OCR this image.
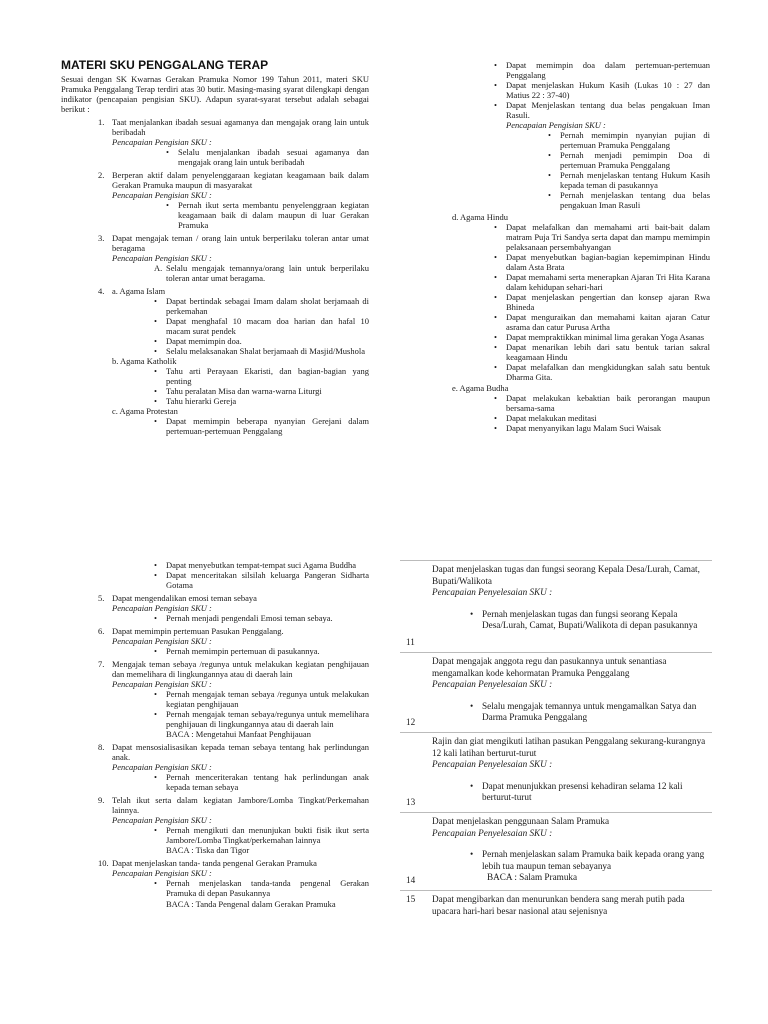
MATERI SKU PENGGALANG TERAP
Sesuai dengan SK Kwarnas Gerakan Pramuka Nomor 199 Tahun 2011, materi SKU Pramuka Penggalang Terap terdiri atas 30 butir. Masing-masing syarat dilengkapi dengan indikator (pencapaian pengisian SKU). Adapun syarat-syarat tersebut adalah sebagai berikut :
1. Taat menjalankan ibadah sesuai agamanya dan mengajak orang lain untuk beribadah
Pencapaian Pengisian SKU :
• Selalu menjalankan ibadah sesuai agamanya dan mengajak orang lain untuk beribadah
2. Berperan aktif dalam penyelenggaraan kegiatan keagamaan baik dalam Gerakan Pramuka maupun di masyarakat
Pencapaian Pengisian SKU :
• Pernah ikut serta membantu penyelenggraan kegiatan keagamaan baik di dalam maupun di luar Gerakan Pramuka
3. Dapat mengajak teman / orang lain untuk berperilaku toleran antar umat beragama
Pencapaian Pengisian SKU :
A. Selalu mengajak temannya/orang lain untuk berperilaku toleran antar umat beragama.
4. a. Agama Islam
• Dapat bertindak sebagai Imam dalam sholat berjamaah di perkemahan
• Dapat menghafal 10 macam doa harian dan hafal 10 macam surat pendek
• Dapat memimpin doa.
• Selalu melaksanakan Shalat berjamaah di Masjid/Mushola
b. Agama Katholik
• Tahu arti Perayaan Ekaristi, dan bagian-bagian yang penting
• Tahu peralatan Misa dan warna-warna Liturgi
• Tahu hierarki Gereja
c. Agama Protestan
• Dapat memimpin beberapa nyanyian Gerejani dalam pertemuan-pertemuan Penggalang
• Dapat memimpin doa dalam pertemuan-pertemuan Penggalang
• Dapat menjelaskan Hukum Kasih (Lukas 10 : 27 dan Matius 22 : 37-40)
• Dapat Menjelaskan tentang dua belas pengakuan Iman Rasuli.
Pencapaian Pengisian SKU :
• Pernah memimpin nyanyian pujian di pertemuan Pramuka Penggalang
• Pernah menjadi pemimpin Doa di pertemuan Pramuka Penggalang
• Pernah menjelaskan tentang Hukum Kasih kepada teman di pasukannya
• Pernah menjelaskan tentang dua belas pengakuan Iman Rasuli
d. Agama Hindu
• Dapat melafalkan dan memahami arti bait-bait dalam matram Puja Tri Sandya serta dapat dan mampu memimpin pelaksanaan persembahyangan
• Dapat menyebutkan bagian-bagian kepemimpinan Hindu dalam Asta Brata
• Dapat memahami serta menerapkan Ajaran Tri Hita Karana dalam kehidupan sehari-hari
• Dapat menjelaskan pengertian dan konsep ajaran Rwa Bhineda
• Dapat menguraikan dan memahami kaitan ajaran Catur asrama dan catur Purusa Artha
• Dapat mempraktikkan minimal lima gerakan Yoga Asanas
• Dapat menarikan lebih dari satu bentuk tarian sakral keagamaan Hindu
• Dapat melafalkan dan mengkidungkan salah satu bentuk Dharma Gita.
e. Agama Budha
• Dapat melakukan kebaktian baik perorangan maupun bersama-sama
• Dapat melakukan meditasi
• Dapat menyanyikan lagu Malam Suci Waisak
• Dapat menyebutkan tempat-tempat suci Agama Buddha
• Dapat menceritakan silsilah keluarga Pangeran Sidharta Gotama
5. Dapat mengendalikan emosi teman sebaya
Pencapaian Pengisian SKU :
• Pernah menjadi pengendali Emosi teman sebaya.
6. Dapat memimpin pertemuan Pasukan Penggalang.
Pencapaian Pengisian SKU :
• Pernah memimpin pertemuan di pasukannya.
7. Mengajak teman sebaya /regunya untuk melakukan kegiatan penghijauan dan memelihara di lingkungannya atau di daerah lain
Pencapaian Pengisian SKU :
• Pernah mengajak teman sebaya /regunya untuk melakukan kegiatan penghijauan
• Pernah mengajak teman sebaya/regunya untuk memelihara penghijauan di lingkungannya atau di daerah lain
BACA : Mengetahui Manfaat Penghijauan
8. Dapat mensosialisasikan kepada teman sebaya tentang hak perlindungan anak.
Pencapaian Pengisian SKU :
• Pernah menceriterakan tentang hak perlindungan anak kepada teman sebaya
9. Telah ikut serta dalam kegiatan Jambore/Lomba Tingkat/Perkemahan lainnya.
Pencapaian Pengisian SKU :
• Pernah mengikuti dan menunjukan bukti fisik ikut serta Jambore/Lomba Tingkat/perkemahan lainnya
BACA : Tiska dan Tigor
10. Dapat menjelaskan tanda- tanda pengenal Gerakan Pramuka
Pencapaian Pengisian SKU :
• Pernah menjelaskan tanda-tanda pengenal Gerakan Pramuka di depan Pasukannya
BACA : Tanda Pengenal dalam Gerakan Pramuka
Dapat menjelaskan tugas dan fungsi seorang Kepala Desa/Lurah, Camat, Bupati/Walikota
Pencapaian Penyelesaian SKU :
• Pernah menjelaskan tugas dan fungsi seorang Kepala Desa/Lurah, Camat, Bupati/Walikota di depan pasukannya
11
Dapat mengajak anggota regu dan pasukannya untuk senantiasa mengamalkan kode kehormatan Pramuka Penggalang
Pencapaian Penyelesaian SKU :
• Selalu mengajak temannya untuk mengamalkan Satya dan Darma Pramuka Penggalang
12
Rajin dan giat mengikuti latihan pasukan Penggalang sekurang-kurangnya 12 kali latihan berturut-turut
Pencapaian Penyelesaian SKU :
• Dapat menunjukkan presensi kehadiran selama 12 kali berturut-turut
13
Dapat menjelaskan penggunaan Salam Pramuka
Pencapaian Penyelesaian SKU :
• Pernah menjelaskan salam Pramuka baik kepada orang yang lebih tua maupun teman sebayanya
BACA : Salam Pramuka
14
Dapat mengibarkan dan menurunkan bendera sang merah putih pada upacara hari-hari besar nasional atau sejenisnya
15
